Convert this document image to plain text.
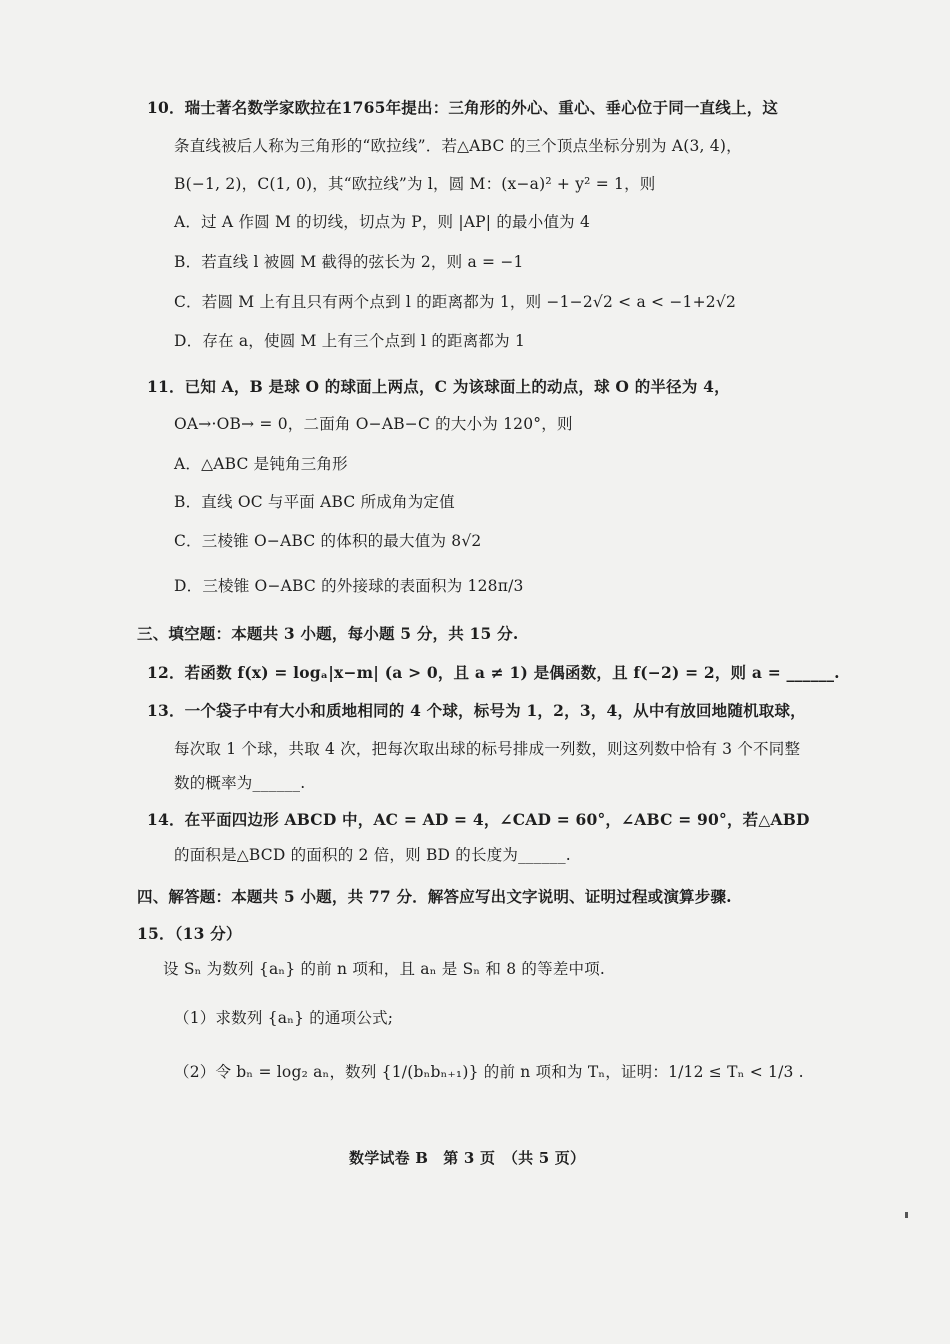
10．瑞士著名数学家欧拉在1765年提出：三角形的外心、重心、垂心位于同一直线上，这
条直线被后人称为三角形的“欧拉线”．若△ABC 的三个顶点坐标分别为 A(3, 4)，
B(−1, 2)，C(1, 0)，其“欧拉线”为 l，圆 M：(x−a)² + y² = 1，则
A．过 A 作圆 M 的切线，切点为 P，则 |AP| 的最小值为 4
B．若直线 l 被圆 M 截得的弦长为 2，则 a = −1
C．若圆 M 上有且只有两个点到 l 的距离都为 1，则 −1−2√2 < a < −1+2√2
D．存在 a，使圆 M 上有三个点到 l 的距离都为 1
11．已知 A，B 是球 O 的球面上两点，C 为该球面上的动点，球 O 的半径为 4，
OA→·OB→ = 0，二面角 O−AB−C 的大小为 120°，则
A．△ABC 是钝角三角形
B．直线 OC 与平面 ABC 所成角为定值
C．三棱锥 O−ABC 的体积的最大值为 8√2
D．三棱锥 O−ABC 的外接球的表面积为 128π/3
三、填空题：本题共 3 小题，每小题 5 分，共 15 分.
12．若函数 f(x) = logₐ|x−m| (a > 0，且 a ≠ 1) 是偶函数，且 f(−2) = 2，则 a = ______.
13．一个袋子中有大小和质地相同的 4 个球，标号为 1，2，3，4，从中有放回地随机取球，
每次取 1 个球，共取 4 次，把每次取出球的标号排成一列数，则这列数中恰有 3 个不同整
数的概率为______.
14．在平面四边形 ABCD 中，AC = AD = 4，∠CAD = 60°，∠ABC = 90°，若△ABD
的面积是△BCD 的面积的 2 倍，则 BD 的长度为______.
四、解答题：本题共 5 小题，共 77 分．解答应写出文字说明、证明过程或演算步骤.
15．（13 分）
设 Sₙ 为数列 {aₙ} 的前 n 项和，且 aₙ 是 Sₙ 和 8 的等差中项.
（1）求数列 {aₙ} 的通项公式;
（2）令 bₙ = log₂ aₙ，数列 {1/(bₙbₙ₊₁)} 的前 n 项和为 Tₙ，证明：1/12 ≤ Tₙ < 1/3 .
数学试卷 B　第 3 页　（共 5 页）
